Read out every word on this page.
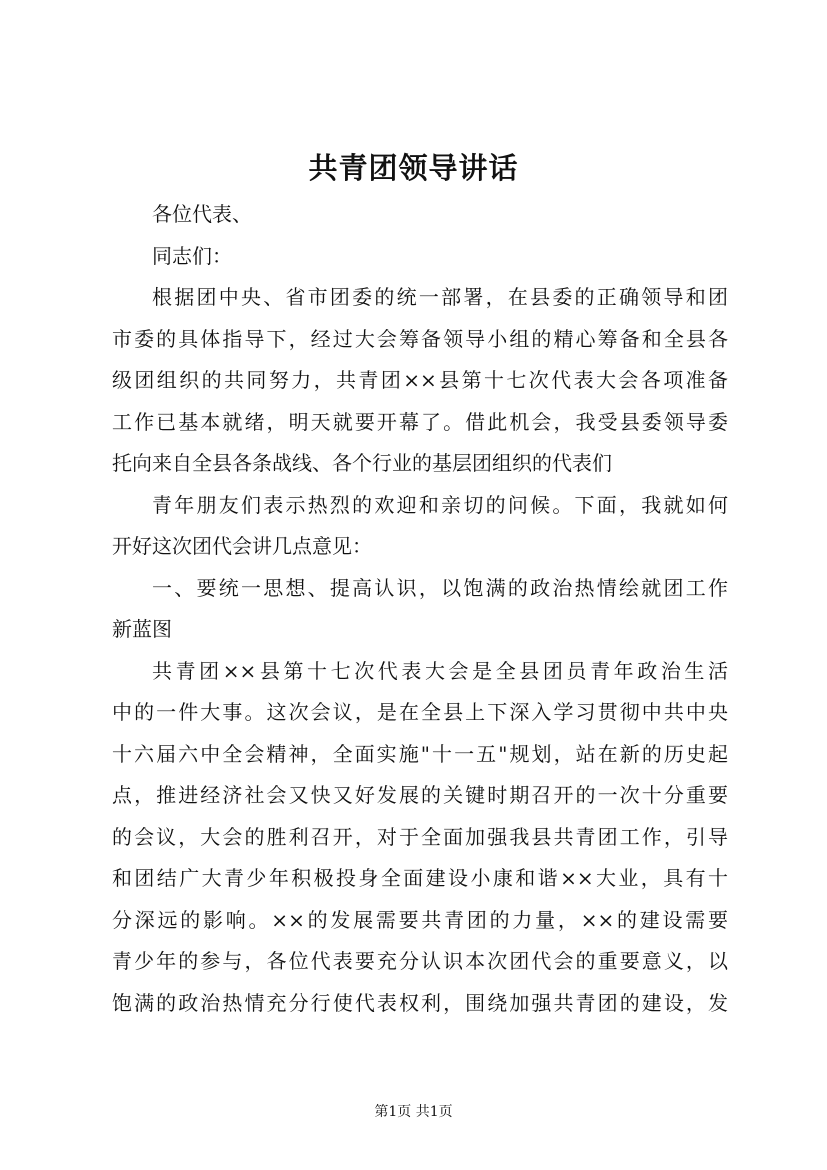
共青团领导讲话
各位代表、
同志们：
根据团中央、省市团委的统一部署，在县委的正确领导和团
市委的具体指导下，经过大会筹备领导小组的精心筹备和全县各
级团组织的共同努力，共青团××县第十七次代表大会各项准备
工作已基本就绪，明天就要开幕了。借此机会，我受县委领导委
托向来自全县各条战线、各个行业的基层团组织的代表们
青年朋友们表示热烈的欢迎和亲切的问候。下面，我就如何
开好这次团代会讲几点意见：
一、要统一思想、提高认识，以饱满的政治热情绘就团工作
新蓝图
共青团××县第十七次代表大会是全县团员青年政治生活
中的一件大事。这次会议，是在全县上下深入学习贯彻中共中央
十六届六中全会精神，全面实施"十一五"规划，站在新的历史起
点，推进经济社会又快又好发展的关键时期召开的一次十分重要
的会议，大会的胜利召开，对于全面加强我县共青团工作，引导
和团结广大青少年积极投身全面建设小康和谐××大业，具有十
分深远的影响。××的发展需要共青团的力量，××的建设需要
青少年的参与，各位代表要充分认识本次团代会的重要意义，以
饱满的政治热情充分行使代表权利，围绕加强共青团的建设，发
第1页 共1页
